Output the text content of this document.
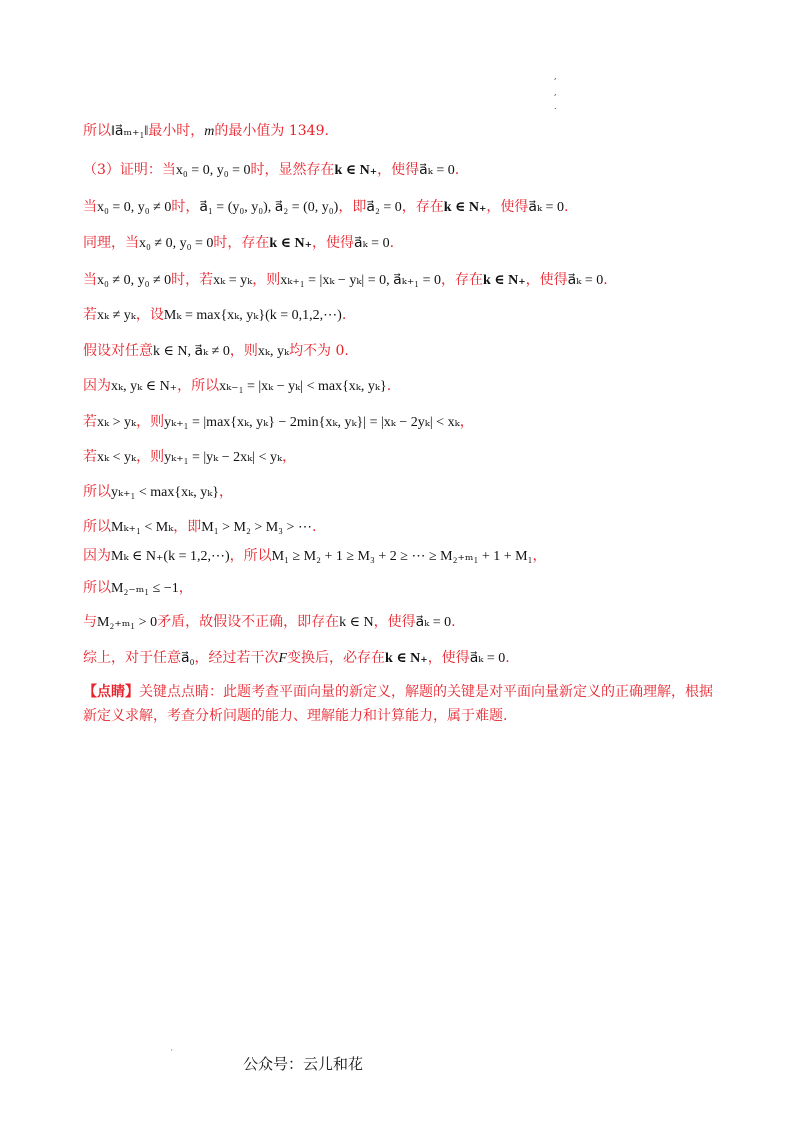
,
,
.
所以‖a⃗ₘ₊₁‖最小时，m的最小值为 1349.
（3）证明：当x₀ = 0, y₀ = 0时，显然存在k ∈ N₊，使得a⃗ₖ = 0.
当x₀ = 0, y₀ ≠ 0时，a⃗₁ = (y₀, y₀), a⃗₂ = (0, y₀)，即a⃗₂ = 0，存在k ∈ N₊，使得a⃗ₖ = 0.
同理，当x₀ ≠ 0, y₀ = 0时，存在k ∈ N₊，使得a⃗ₖ = 0.
当x₀ ≠ 0, y₀ ≠ 0时，若xₖ = yₖ，则xₖ₊₁ = |xₖ − yₖ| = 0, a⃗ₖ₊₁ = 0，存在k ∈ N₊，使得a⃗ₖ = 0.
若xₖ ≠ yₖ，设Mₖ = max{xₖ, yₖ}(k = 0,1,2,⋯).
假设对任意k ∈ N, a⃗ₖ ≠ 0，则xₖ, yₖ均不为 0.
因为xₖ, yₖ ∈ N₊，所以xₖ₋₁ = |xₖ − yₖ| < max{xₖ, yₖ}.
若xₖ > yₖ，则yₖ₊₁ = |max{xₖ, yₖ} − 2min{xₖ, yₖ}| = |xₖ − 2yₖ| < xₖ，
若xₖ < yₖ，则yₖ₊₁ = |yₖ − 2xₖ| < yₖ，
所以yₖ₊₁ < max{xₖ, yₖ}，
所以Mₖ₊₁ < Mₖ，即M₁ > M₂ > M₃ > ⋯.
因为Mₖ ∈ N₊(k = 1,2,⋯)，所以M₁ ≥ M₂ + 1 ≥ M₃ + 2 ≥ ⋯ ≥ M₂₊ₘ₁ + 1 + M₁，
所以M₂₋ₘ₁ ≤ −1，
与M₂₊ₘ₁ > 0矛盾，故假设不正确，即存在k ∈ N，使得a⃗ₖ = 0.
综上，对于任意a⃗₀，经过若干次F变换后，必存在k ∈ N₊，使得a⃗ₖ = 0.
【点睛】关键点点睛：此题考查平面向量的新定义，解题的关键是对平面向量新定义的正确理解，根据新定义求解，考查分析问题的能力、理解能力和计算能力，属于难题.
'
公众号：云儿和花
